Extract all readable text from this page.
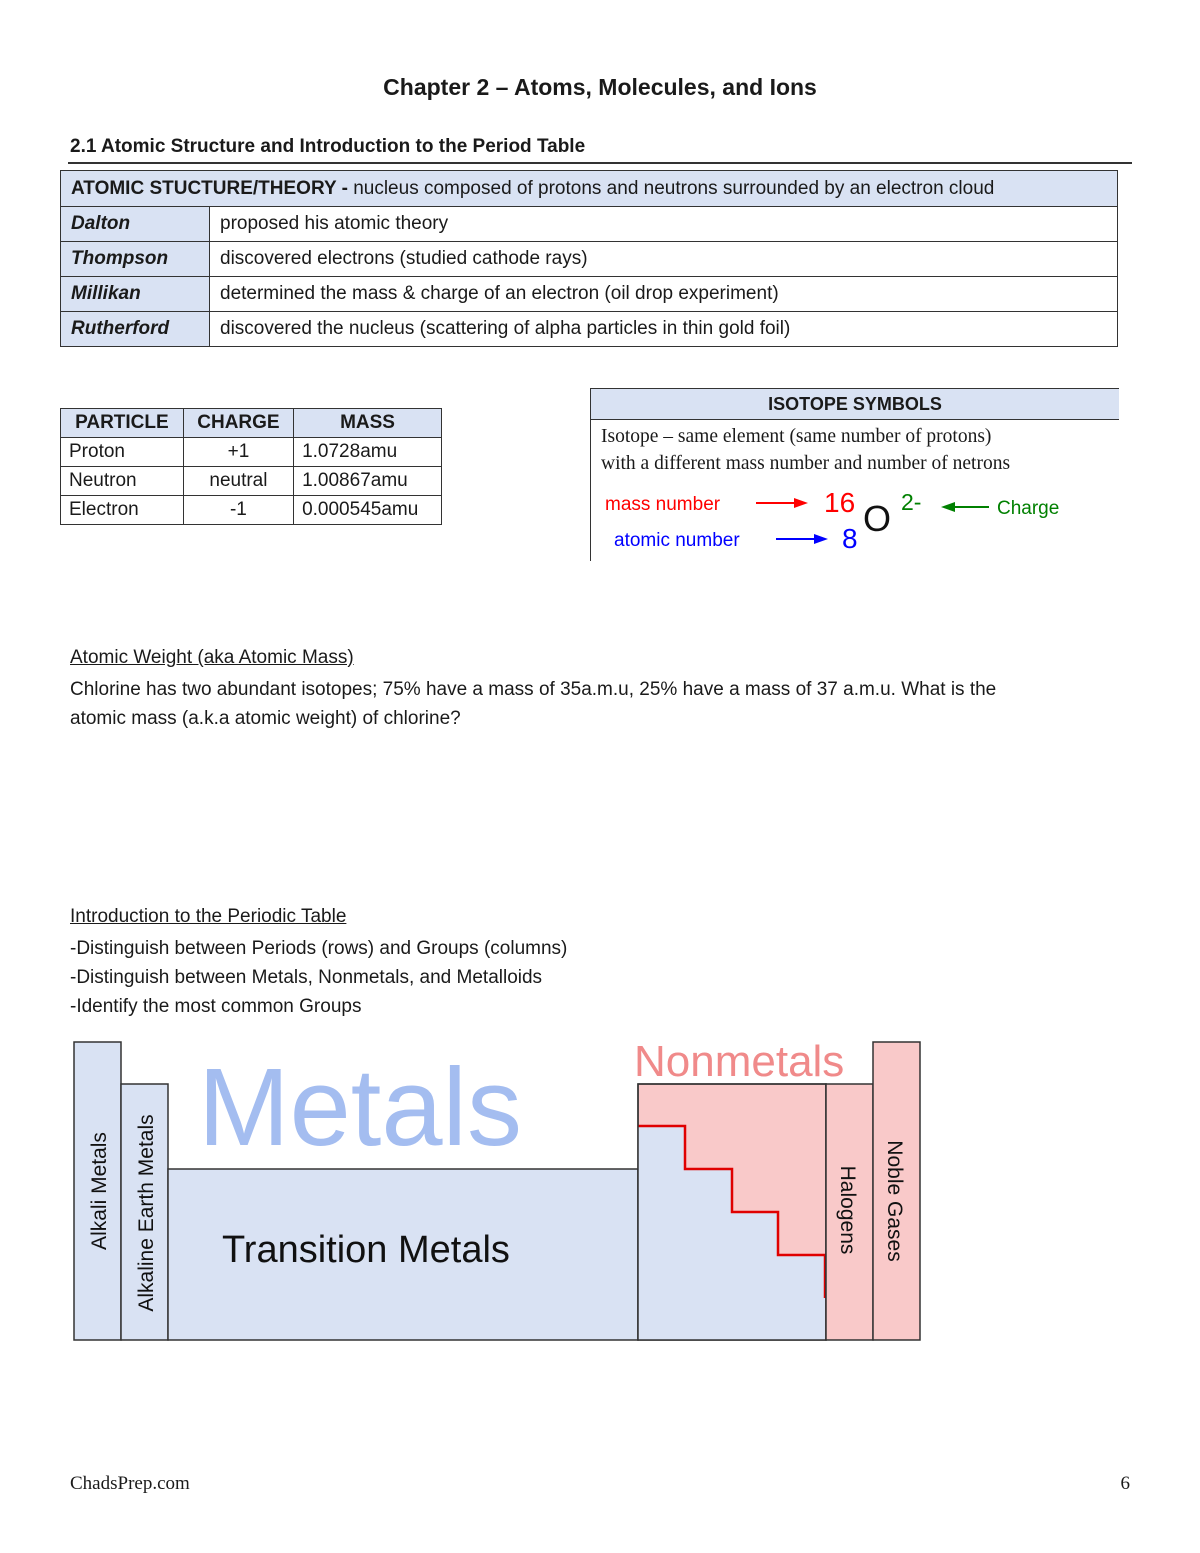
Chapter 2 – Atoms, Molecules, and Ions
2.1 Atomic Structure and Introduction to the Period Table
ATOMIC STUCTURE/THEORY - nucleus composed of protons and neutrons surrounded by an electron cloud	
Dalton	proposed his atomic theory
Thompson	discovered electrons (studied cathode rays)
Millikan	determined the mass & charge of an electron (oil drop experiment)
Rutherford	discovered the nucleus (scattering of alpha particles in thin gold foil)
PARTICLE	CHARGE	MASS
Proton	+1	1.0728amu
Neutron	neutral	1.00867amu
Electron	-1	0.000545amu
ISOTOPE SYMBOLS
Isotope – same element (same number of protons)
with a different mass number and number of netrons
mass number	16 O 2-	Charge
atomic number	8
Atomic Weight (aka Atomic Mass)
Chlorine has two abundant isotopes; 75% have a mass of 35a.m.u, 25% have a mass of 37 a.m.u. What is the
atomic mass (a.k.a atomic weight) of chlorine?
Introduction to the Periodic Table
-Distinguish between Periods (rows) and Groups (columns)
-Distinguish between Metals, Nonmetals, and Metalloids
-Identify the most common Groups
Metals	Nonmetals
Transition Metals
Alkali Metals Alkaline Earth Metals	Halogens Noble Gases
ChadsPrep.com	6
